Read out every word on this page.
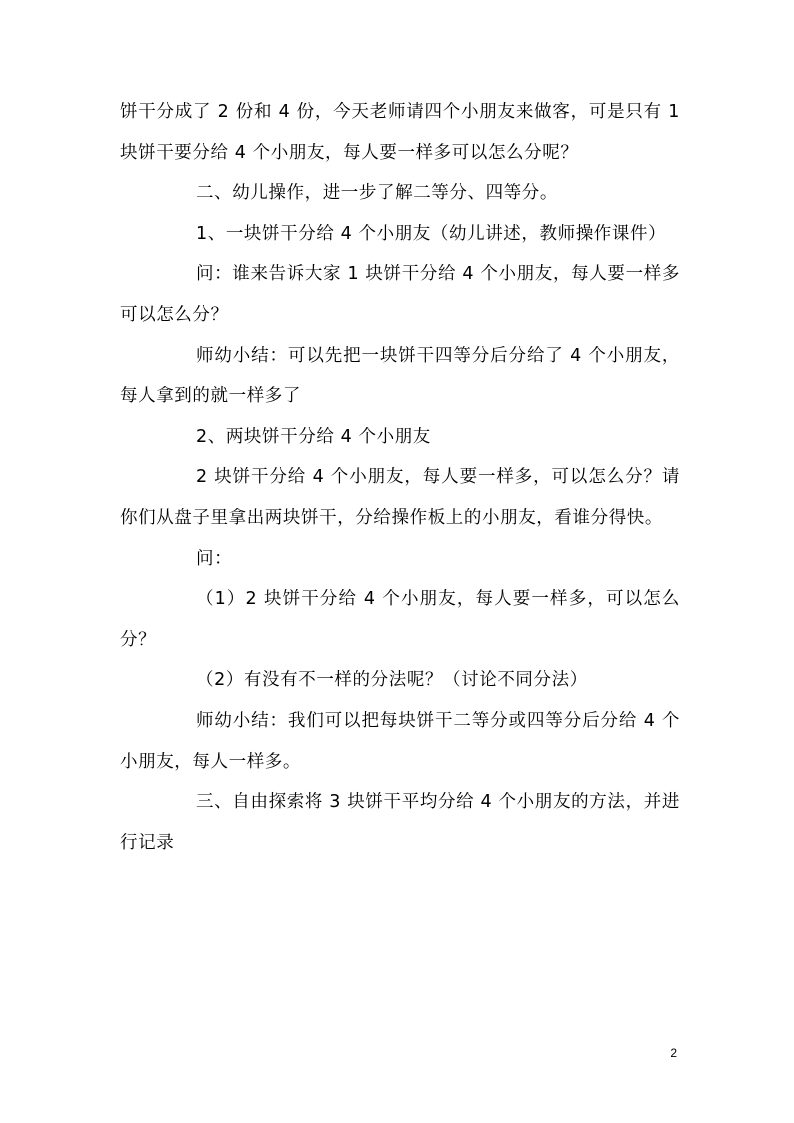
饼干分成了 2 份和 4 份，今天老师请四个小朋友来做客，可是只有 1 块饼干要分给 4 个小朋友，每人要一样多可以怎么分呢？

二、幼儿操作，进一步了解二等分、四等分。

1、一块饼干分给 4 个小朋友（幼儿讲述，教师操作课件）

问：谁来告诉大家 1 块饼干分给 4 个小朋友，每人要一样多可以怎么分？

师幼小结：可以先把一块饼干四等分后分给了 4 个小朋友，每人拿到的就一样多了

2、两块饼干分给 4 个小朋友

2 块饼干分给 4 个小朋友，每人要一样多，可以怎么分？请你们从盘子里拿出两块饼干，分给操作板上的小朋友，看谁分得快。

问：

（1）2 块饼干分给 4 个小朋友，每人要一样多，可以怎么分？

（2）有没有不一样的分法呢？（讨论不同分法）

师幼小结：我们可以把每块饼干二等分或四等分后分给 4 个小朋友，每人一样多。

三、自由探索将 3 块饼干平均分给 4 个小朋友的方法，并进行记录

2
